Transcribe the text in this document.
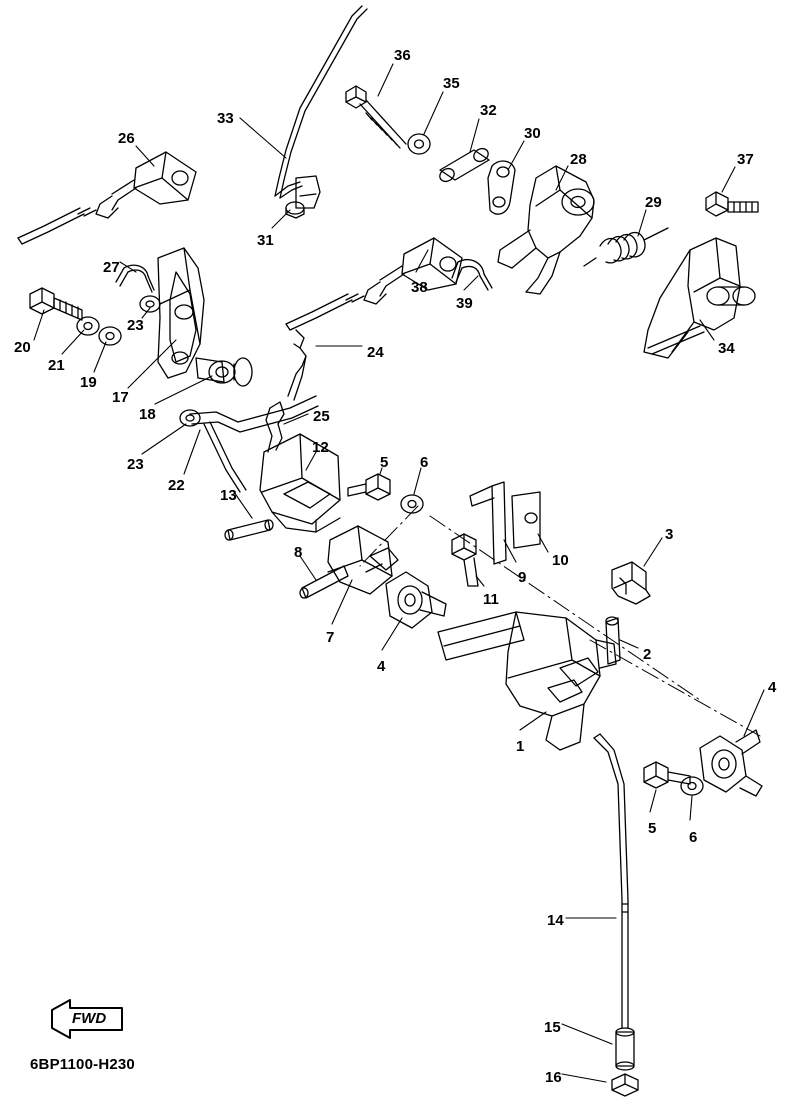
FWD
6BP1100-H230
36
35
32
33
30
26
28	37
29
31
27
38
39
23
20	34
21
24
19
17
18	25
23
12
22
5 6
13
3
10
9
8
11
2
7
4
4
1
5
6
14
15
16
